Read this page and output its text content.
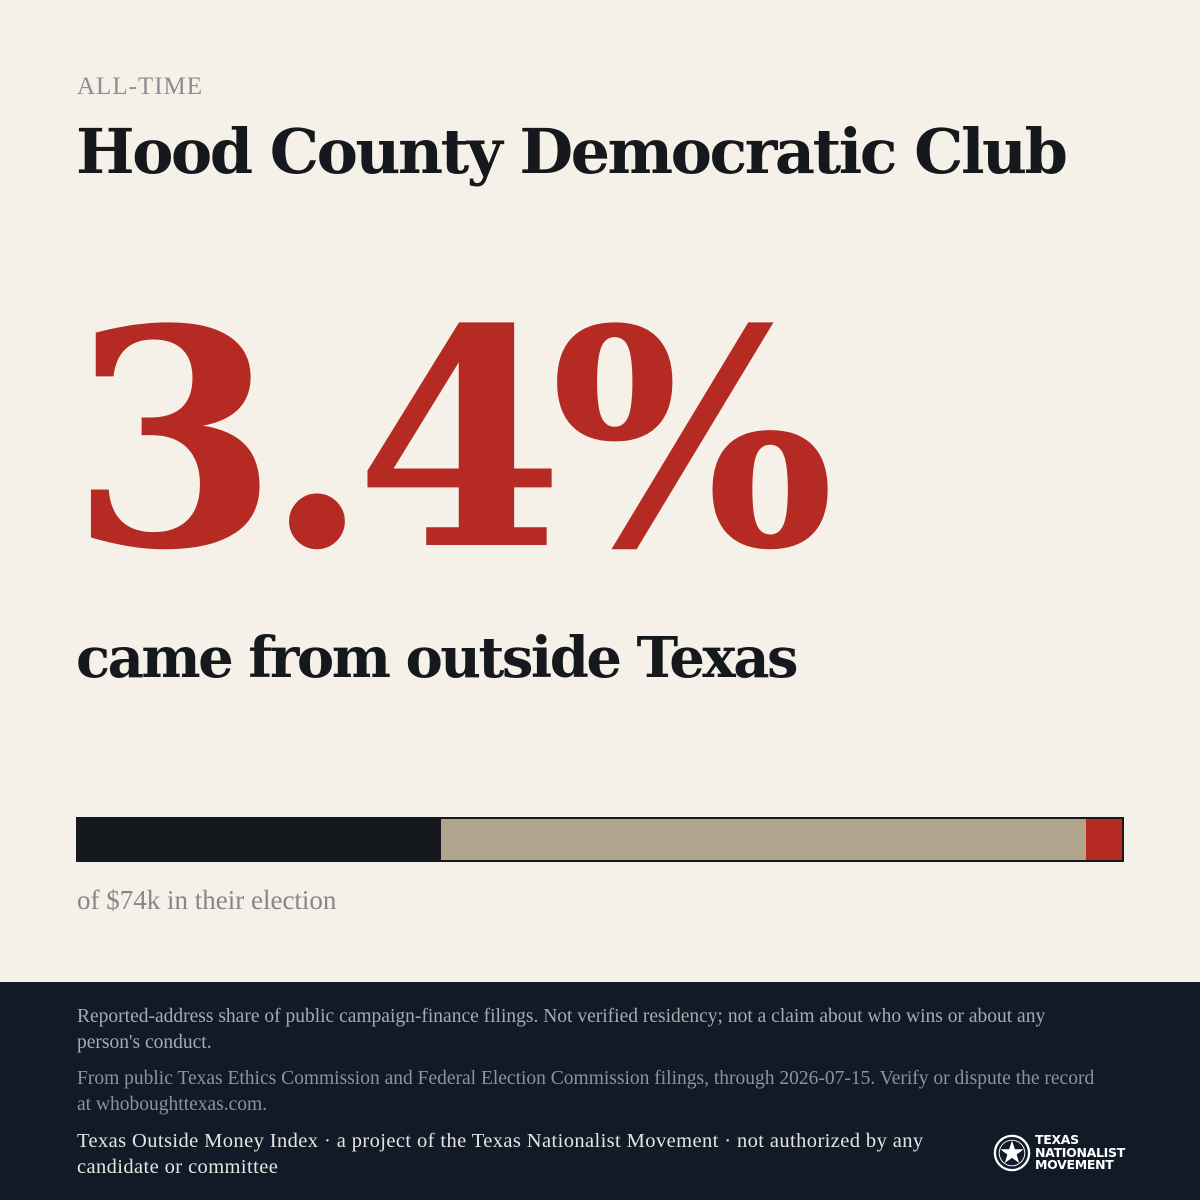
ALL-TIME
Hood County Democratic Club
3.4%
came from outside Texas
of $74k in their election

Reported-address share of public campaign-finance filings. Not verified residency; not a claim about who wins or about any person's conduct.

From public Texas Ethics Commission and Federal Election Commission filings, through 2026-07-15. Verify or dispute the record at whoboughttexas.com.

Texas Outside Money Index · a project of the Texas Nationalist Movement · not authorized by any candidate or committee

TEXAS
NATIONALIST
MOVEMENT
